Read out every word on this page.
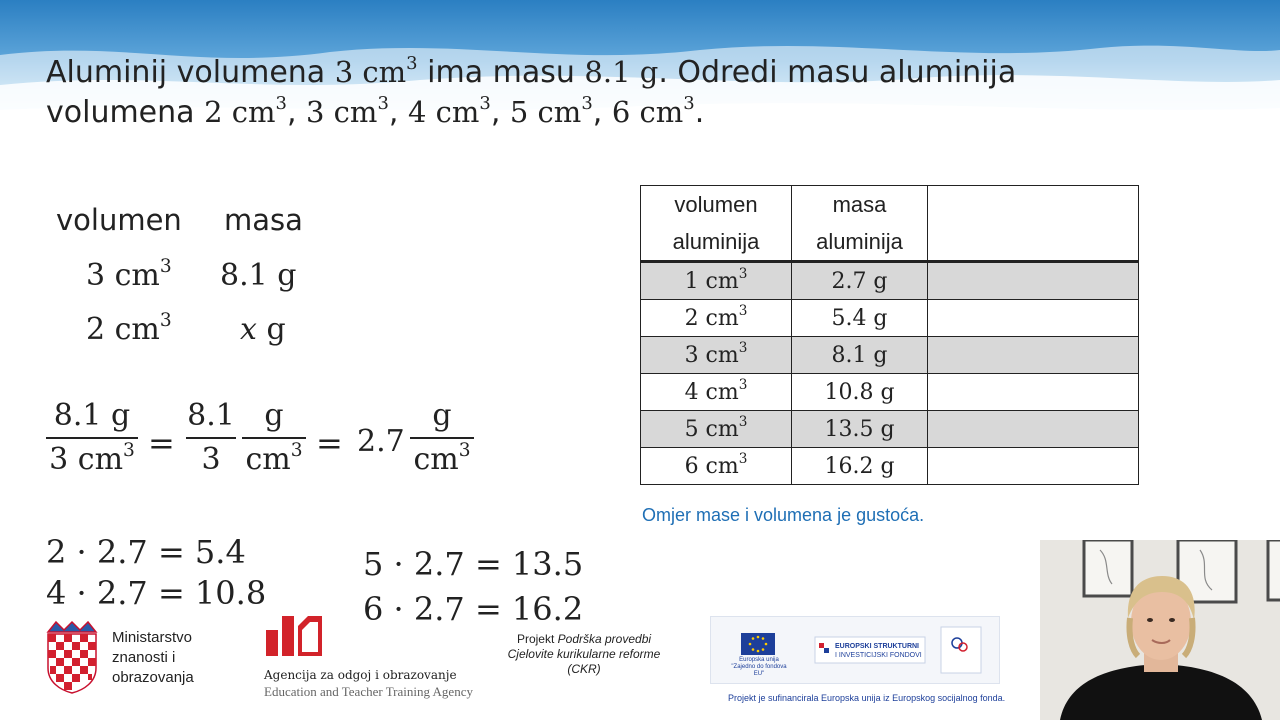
Aluminij volumena 3 $cm^3$ ima masu 8.1 g. Odredi masu aluminija
volumena 2 $cm^3$, 3 $cm^3$, 4 $cm^3$, 5 $cm^3$, 6 $cm^3$.
volumen masa
3 $cm^3$ 8.1 g
2 $cm^3$ x g
8.1 g
3 $cm^3$ =
8.1
3
g
$cm^3 = 2.7$
g
$cm^3$
2 · 2.7 = 5.4
4 · 2.7 = 10.8
5 · 2.7 = 13.5
6 · 2.7 = 16.2
volumen aluminija	masa aluminija	
1 $cm^3$	2.7 g	
2 $cm^3$	5.4 g	
3 $cm^3$	8.1 g	
4 $cm^3$	10.8 g	
5 $cm^3$	13.5 g	
6 $cm^3$	16.2 g	
Omjer mase i volumena je gustoća.
Ministarstvo
znanosti i
obrazovanja	Agencija za odgoj i obrazovanje
Education and Teacher Training Agency
Projekt Podrška provedbi
Cjelovite kurikularne reforme
(CKR)
Europska unija
"Zajedno do fondova EU"
EUROPSKI STRUKTURNI
I INVESTICIJSKI FONDOVI
Projekt je sufinancirala Europska unija iz Europskog socijalnog fonda.
